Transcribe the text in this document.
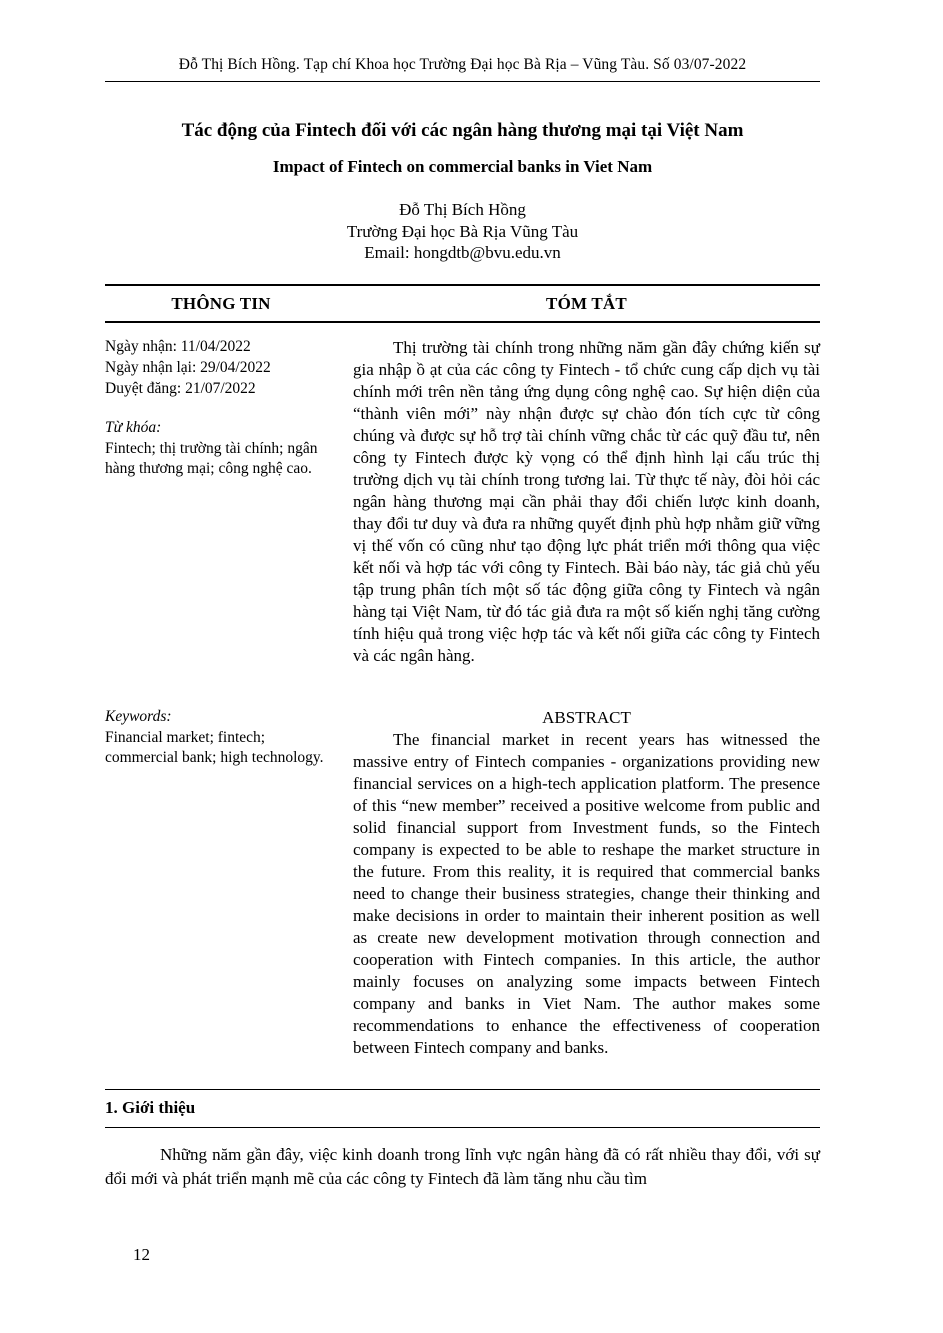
Đỗ Thị Bích Hồng. Tạp chí Khoa học Trường Đại học Bà Rịa – Vũng Tàu. Số 03/07-2022
Tác động của Fintech đối với các ngân hàng thương mại tại Việt Nam
Impact of Fintech on commercial banks in Viet Nam
Đỗ Thị Bích Hồng
Trường Đại học Bà Rịa Vũng Tàu
Email: hongdtb@bvu.edu.vn
THÔNG TIN	TÓM TẮT
Ngày nhận: 11/04/2022
Ngày nhận lại: 29/04/2022
Duyệt đăng: 21/07/2022
Từ khóa:
Fintech; thị trường tài chính; ngân hàng thương mại; công nghệ cao.

Thị trường tài chính trong những năm gần đây chứng kiến sự gia nhập ồ ạt của các công ty Fintech - tổ chức cung cấp dịch vụ tài chính mới trên nền tảng ứng dụng công nghệ cao. Sự hiện diện của “thành viên mới” này nhận được sự chào đón tích cực từ công chúng và được sự hỗ trợ tài chính vững chắc từ các quỹ đầu tư, nên công ty Fintech được kỳ vọng có thể định hình lại cấu trúc thị trường dịch vụ tài chính trong tương lai. Từ thực tế này, đòi hỏi các ngân hàng thương mại cần phải thay đổi chiến lược kinh doanh, thay đổi tư duy và đưa ra những quyết định phù hợp nhằm giữ vững vị thế vốn có cũng như tạo động lực phát triển mới thông qua việc kết nối và hợp tác với công ty Fintech. Bài báo này, tác giả chủ yếu tập trung phân tích một số tác động giữa công ty Fintech và ngân hàng tại Việt Nam, từ đó tác giả đưa ra một số kiến nghị tăng cường tính hiệu quả trong việc hợp tác và kết nối giữa các công ty Fintech và các ngân hàng.

Keywords:
Financial market; fintech; commercial bank; high technology.
ABSTRACT

The financial market in recent years has witnessed the massive entry of Fintech companies - organizations providing new financial services on a high-tech application platform. The presence of this “new member” received a positive welcome from public and solid financial support from Investment funds, so the Fintech company is expected to be able to reshape the market structure in the future. From this reality, it is required that commercial banks need to change their business strategies, change their thinking and make decisions in order to maintain their inherent position as well as create new development motivation through connection and cooperation with Fintech companies. In this article, the author mainly focuses on analyzing some impacts between Fintech company and banks in Viet Nam. The author makes some recommendations to enhance the effectiveness of cooperation between Fintech company and banks.

1. Giới thiệu

Những năm gần đây, việc kinh doanh trong lĩnh vực ngân hàng đã có rất nhiều thay đổi, với sự đổi mới và phát triển mạnh mẽ của các công ty Fintech đã làm tăng nhu cầu tìm

12
